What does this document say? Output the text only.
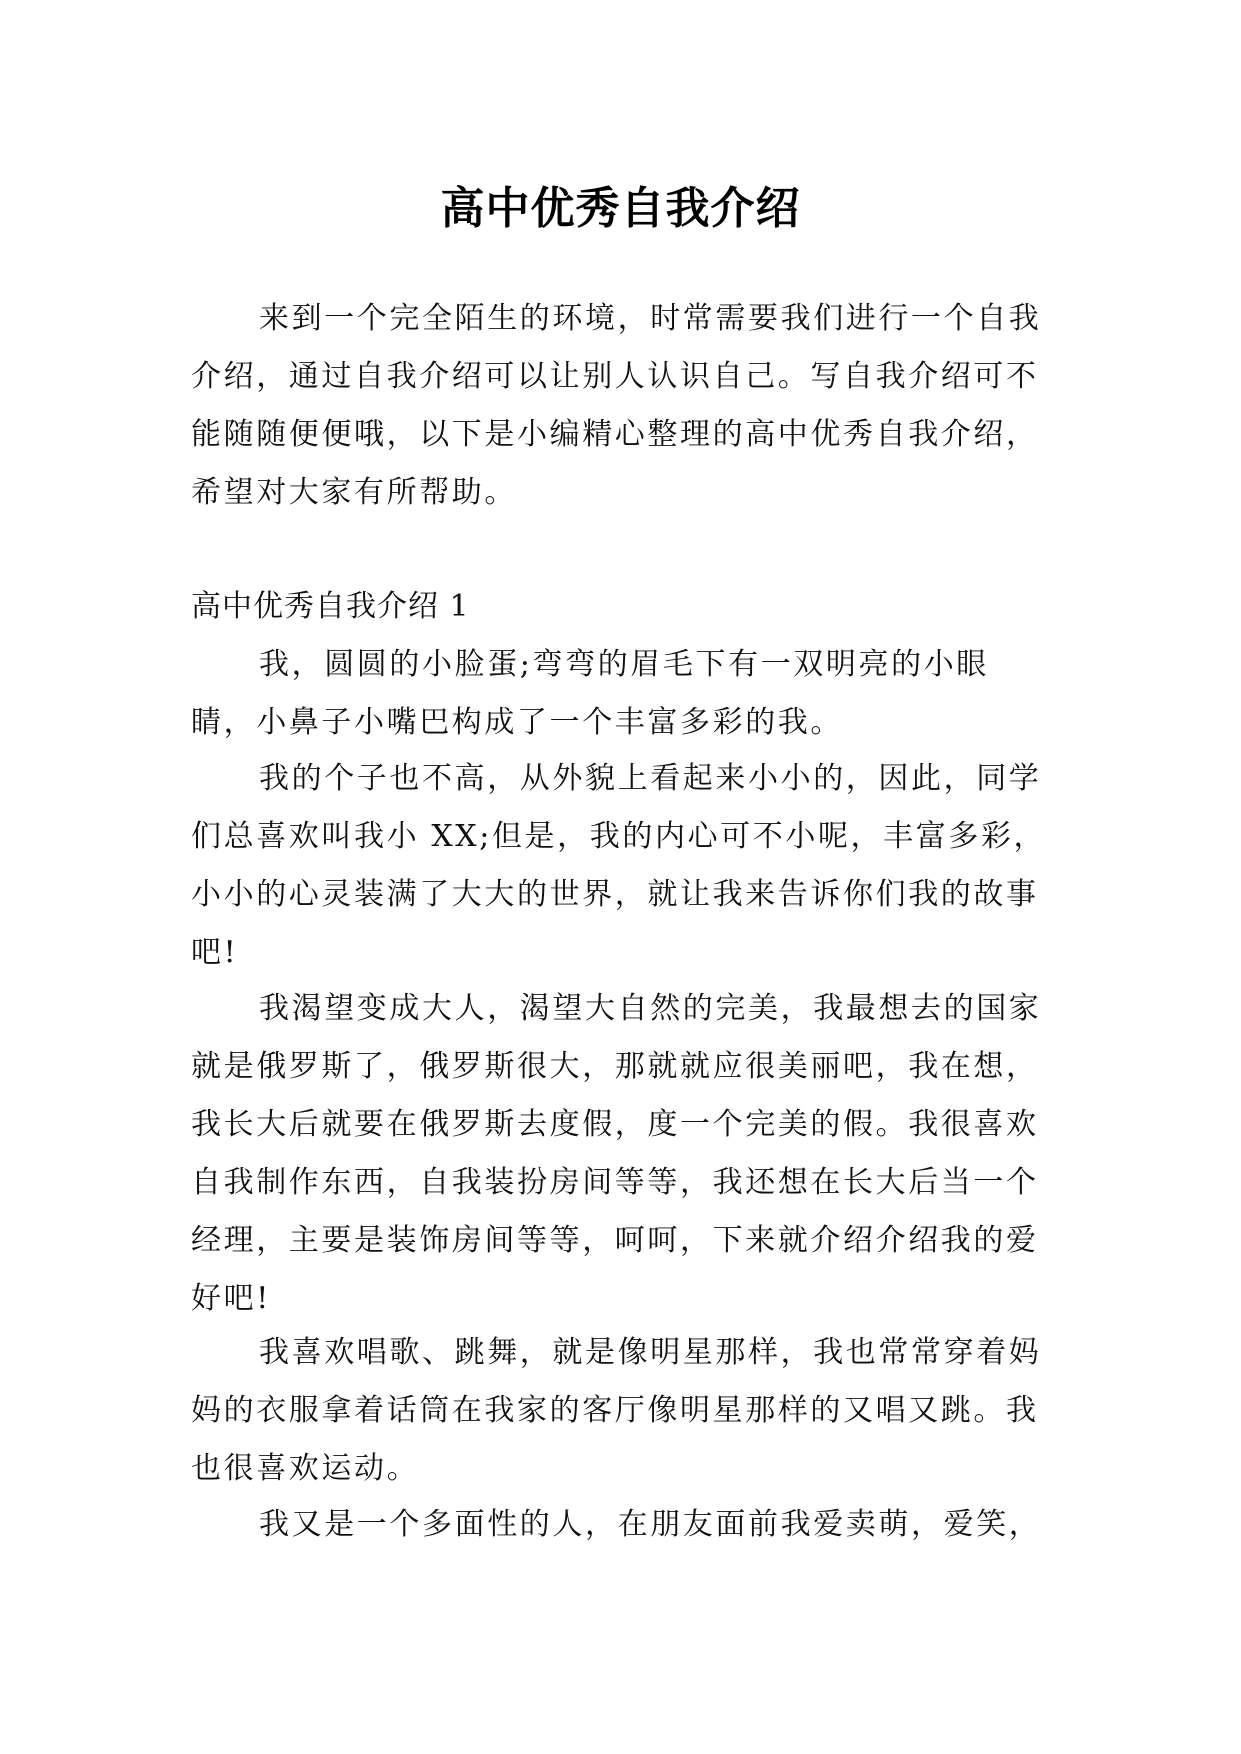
高中优秀自我介绍

来到一个完全陌生的环境，时常需要我们进行一个自我介绍，通过自我介绍可以让别人认识自己。写自我介绍可不能随随便便哦，以下是小编精心整理的高中优秀自我介绍，希望对大家有所帮助。

高中优秀自我介绍 1

我，圆圆的小脸蛋;弯弯的眉毛下有一双明亮的小眼睛，小鼻子小嘴巴构成了一个丰富多彩的我。

我的个子也不高，从外貌上看起来小小的，因此，同学们总喜欢叫我小 XX;但是，我的内心可不小呢，丰富多彩，小小的心灵装满了大大的世界，就让我来告诉你们我的故事吧!

我渴望变成大人，渴望大自然的完美，我最想去的国家就是俄罗斯了，俄罗斯很大，那就就应很美丽吧，我在想，我长大后就要在俄罗斯去度假，度一个完美的假。我很喜欢自我制作东西，自我装扮房间等等，我还想在长大后当一个经理，主要是装饰房间等等，呵呵，下来就介绍介绍我的爱好吧!

我喜欢唱歌、跳舞，就是像明星那样，我也常常穿着妈妈的衣服拿着话筒在我家的客厅像明星那样的又唱又跳。我也很喜欢运动。

我又是一个多面性的人，在朋友面前我爱卖萌，爱笑，
